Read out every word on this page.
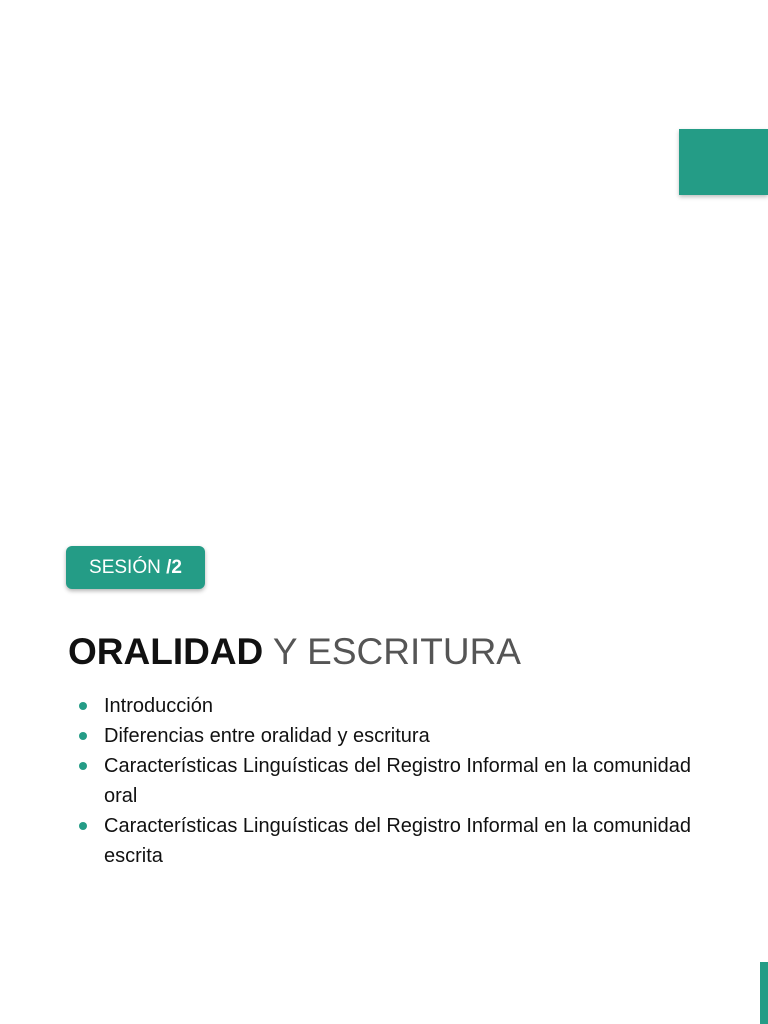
SESIÓN /2
ORALIDAD Y ESCRITURA
Introducción
Diferencias entre oralidad y escritura
Características Linguísticas del Registro Informal en la comunidad oral
Características Linguísticas del Registro Informal en la comunidad escrita
